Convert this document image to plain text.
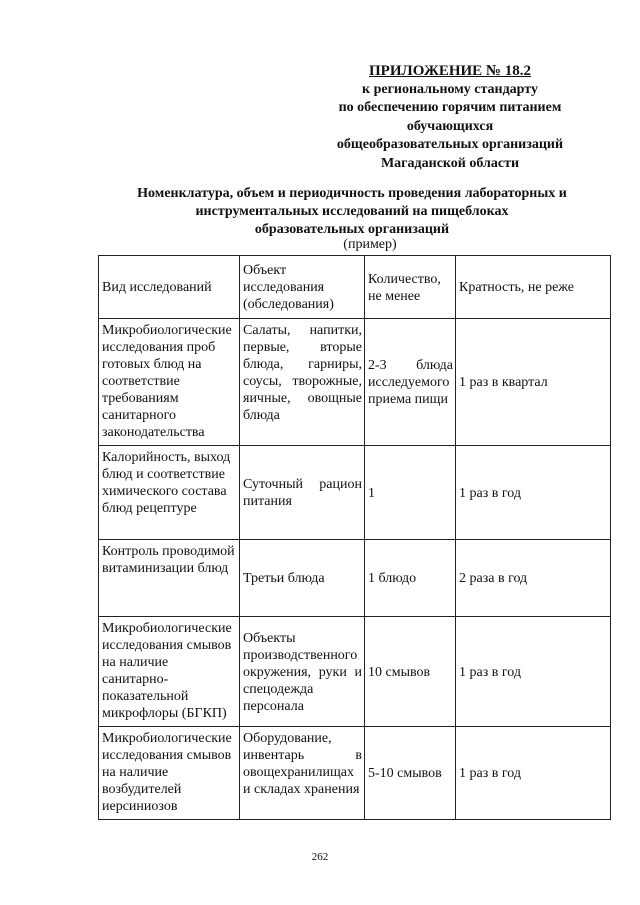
ПРИЛОЖЕНИЕ № 18.2
к региональному стандарту
по обеспечению горячим питанием
обучающихся
общеобразовательных организаций
Магаданской области
Номенклатура, объем и периодичность проведения лабораторных и
инструментальных исследований на пищеблоках
образовательных организаций
(пример)
Вид исследований	Объект исследования (обследования)	Количество, не менее	Кратность, не реже
Микробиологические исследования проб готовых блюд на соответствие требованиям санитарного законодательства	Салаты, напитки, первые, вторые блюда, гарниры, соусы, творожные, яичные, овощные блюда	2-3 блюда исследуемого приема пищи	1 раз в квартал
Калорийность, выход блюд и соответствие химического состава блюд рецептуре	Суточный рацион питания	1	1 раз в год
Контроль проводимой витаминизации блюд	Третьи блюда	1 блюдо	2 раза в год
Микробиологические исследования смывов на наличие санитарно-показательной микрофлоры (БГКП)	Объекты производственного окружения, руки и спецодежда персонала	10 смывов	1 раз в год
Микробиологические исследования смывов на наличие возбудителей иерсиниозов	Оборудование, инвентарь в овощехранилищах и складах хранения	5-10 смывов	1 раз в год
262
